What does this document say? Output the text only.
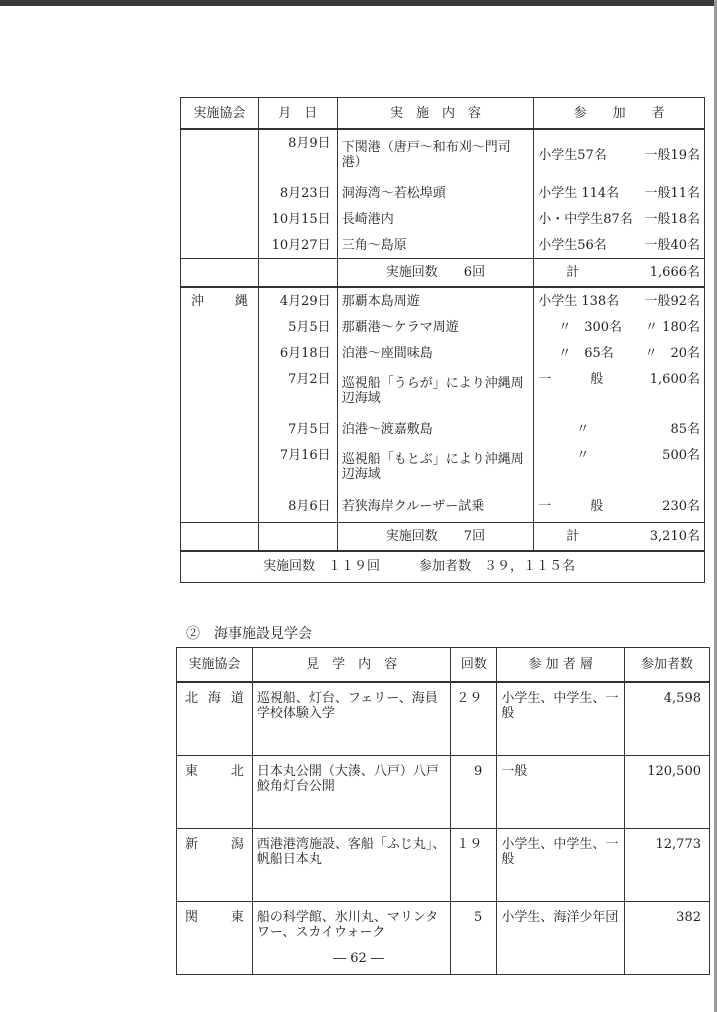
実施協会	月　日	実　施　内　容	参　　加　　者
	8月9日	下関港（唐戸～和布刈～門司港）	小学生57名 一般19名

	8月23日	洞海湾～若松埠頭	小学生 114名 一般11名

	10月15日	長崎港内	小・中学生87名 一般18名

	10月27日	三角～島原	小学生56名 一般40名

		実施回数　　6回	計 1,666名

沖縄	4月29日	那覇本島周遊	小学生 138名 一般92名

	5月5日	那覇港～ケラマ周遊	〃　300名 〃 180名

	6月18日	泊港～座間味島	〃　65名 〃　20名

	7月2日	巡視船「うらが」により沖縄周辺海域	一　　　般 1,600名

	7月5日	泊港～渡嘉敷島	〃 85名

	7月16日	巡視船「もとぶ」により沖縄周辺海域	〃 500名

	8月6日	若狭海岸クルーザー試乗	一　　　般 230名

		実施回数　　7回	計 3,210名

実施回数　１１９回　　　参加者数　３９，１１５名			
②　海事施設見学会
実施協会	見　学　内　容	回数	参 加 者 層	参加者数
北海道	巡視船、灯台、フェリー、海員学校体験入学	２９	小学生、中学生、一般	4,598
東北	日本丸公開（大湊、八戸）八戸鮫角灯台公開	9	一般	120,500
新潟	西港港湾施設、客船「ふじ丸」、帆船日本丸	１９	小学生、中学生、一般	12,773
関東	船の科学館、氷川丸、マリンタワー、スカイウォーク	5	小学生、海洋少年団	382
― 62 ―
